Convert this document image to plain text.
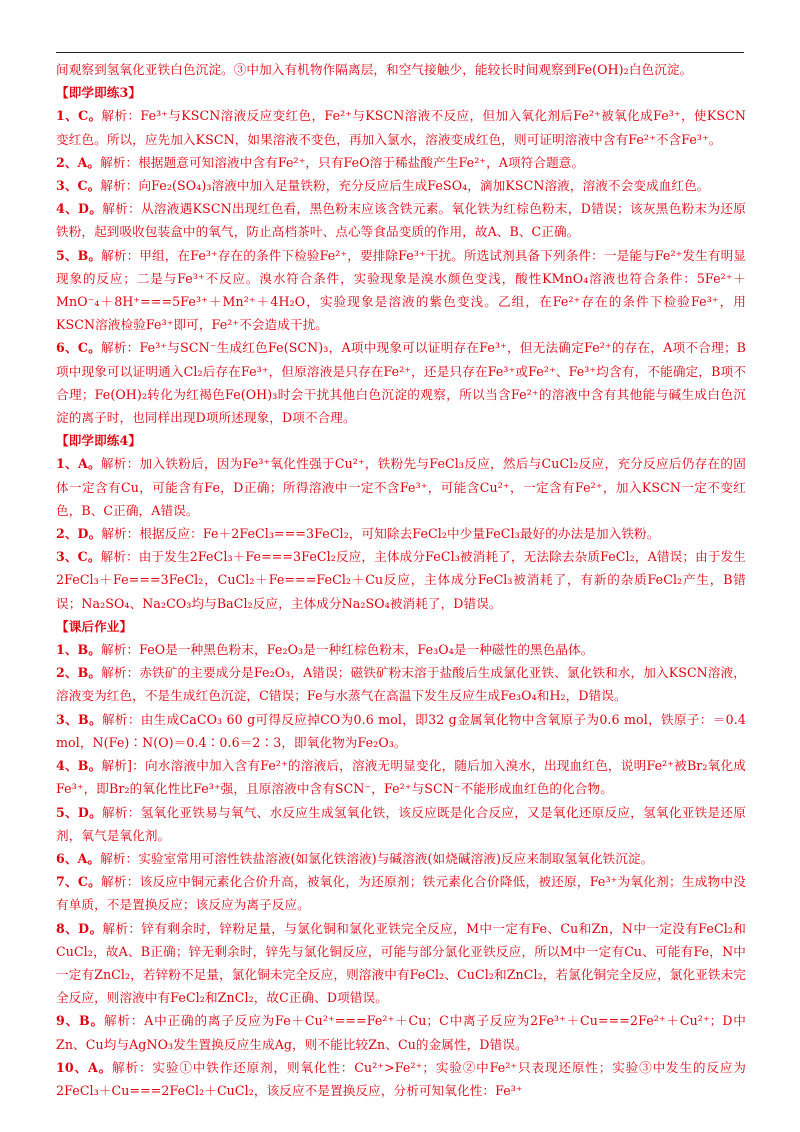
间观察到氢氧化亚铁白色沉淀。③中加入有机物作隔离层，和空气接触少，能较长时间观察到Fe(OH)₂白色沉淀。

【即学即练3】

1、C。解析：Fe³⁺与KSCN溶液反应变红色，Fe²⁺与KSCN溶液不反应，但加入氧化剂后Fe²⁺被氧化成Fe³⁺，使KSCN变红色。所以，应先加入KSCN，如果溶液不变色，再加入氯水，溶液变成红色，则可证明溶液中含有Fe²⁺不含Fe³⁺。

2、A。解析：根据题意可知溶液中含有Fe²⁺，只有FeO溶于稀盐酸产生Fe²⁺，A项符合题意。

3、C。解析：向Fe₂(SO₄)₃溶液中加入足量铁粉，充分反应后生成FeSO₄，滴加KSCN溶液，溶液不会变成血红色。

4、D。解析：从溶液遇KSCN出现红色看，黑色粉末应该含铁元素。氧化铁为红棕色粉末，D错误；该灰黑色粉末为还原铁粉，起到吸收包装盒中的氧气，防止高档茶叶、点心等食品变质的作用，故A、B、C正确。

5、B。解析：甲组，在Fe³⁺存在的条件下检验Fe²⁺，要排除Fe³⁺干扰。所选试剂具备下列条件：一是能与Fe²⁺发生有明显现象的反应；二是与Fe³⁺不反应。溴水符合条件，实验现象是溴水颜色变浅，酸性KMnO₄溶液也符合条件：5Fe²⁺＋MnO⁻₄＋8H⁺===5Fe³⁺＋Mn²⁺＋4H₂O，实验现象是溶液的紫色变浅。乙组，在Fe²⁺存在的条件下检验Fe³⁺，用KSCN溶液检验Fe³⁺即可，Fe²⁺不会造成干扰。

6、C。解析：Fe³⁺与SCN⁻生成红色Fe(SCN)₃，A项中现象可以证明存在Fe³⁺，但无法确定Fe²⁺的存在，A项不合理；B项中现象可以证明通入Cl₂后存在Fe³⁺，但原溶液是只存在Fe²⁺，还是只存在Fe³⁺或Fe²⁺、Fe³⁺均含有，不能确定，B项不合理；Fe(OH)₂转化为红褐色Fe(OH)₃时会干扰其他白色沉淀的观察，所以当含Fe²⁺的溶液中含有其他能与碱生成白色沉淀的离子时，也同样出现D项所述现象，D项不合理。

【即学即练4】

1、A。解析：加入铁粉后，因为Fe³⁺氧化性强于Cu²⁺，铁粉先与FeCl₃反应，然后与CuCl₂反应，充分反应后仍存在的固体一定含有Cu，可能含有Fe，D正确；所得溶液中一定不含Fe³⁺，可能含Cu²⁺，一定含有Fe²⁺，加入KSCN一定不变红色，B、C正确，A错误。

2、D。解析：根据反应：Fe＋2FeCl₃===3FeCl₂，可知除去FeCl₂中少量FeCl₃最好的办法是加入铁粉。

3、C。解析：由于发生2FeCl₃＋Fe===3FeCl₂反应，主体成分FeCl₃被消耗了，无法除去杂质FeCl₂，A错误；由于发生2FeCl₃＋Fe===3FeCl₂，CuCl₂＋Fe===FeCl₂＋Cu反应，主体成分FeCl₃被消耗了，有新的杂质FeCl₂产生，B错误；Na₂SO₄、Na₂CO₃均与BaCl₂反应，主体成分Na₂SO₄被消耗了，D错误。

【课后作业】

1、B。解析：FeO是一种黑色粉末，Fe₂O₃是一种红棕色粉末，Fe₃O₄是一种磁性的黑色晶体。

2、B。解析：赤铁矿的主要成分是Fe₂O₃，A错误；磁铁矿粉末溶于盐酸后生成氯化亚铁、氯化铁和水，加入KSCN溶液，溶液变为红色，不是生成红色沉淀，C错误；Fe与水蒸气在高温下发生反应生成Fe₃O₄和H₂，D错误。

3、B。解析：由生成CaCO₃ 60 g可得反应掉CO为0.6 mol，即32 g金属氧化物中含氧原子为0.6 mol，铁原子：＝0.4 mol，N(Fe)∶N(O)＝0.4∶0.6＝2∶3，即氧化物为Fe₂O₃。

4、B。解析]：向水溶液中加入含有Fe²⁺的溶液后，溶液无明显变化，随后加入溴水，出现血红色，说明Fe²⁺被Br₂氧化成Fe³⁺，即Br₂的氧化性比Fe³⁺强，且原溶液中含有SCN⁻，Fe²⁺与SCN⁻不能形成血红色的化合物。

5、D。解析：氢氧化亚铁易与氧气、水反应生成氢氧化铁，该反应既是化合反应，又是氧化还原反应，氢氧化亚铁是还原剂，氧气是氧化剂。

6、A。解析：实验室常用可溶性铁盐溶液(如氯化铁溶液)与碱溶液(如烧碱溶液)反应来制取氢氧化铁沉淀。

7、C。解析：该反应中铜元素化合价升高，被氧化，为还原剂；铁元素化合价降低，被还原，Fe³⁺为氧化剂；生成物中没有单质，不是置换反应；该反应为离子反应。

8、D。解析：锌有剩余时，锌粉足量，与氯化铜和氯化亚铁完全反应，M中一定有Fe、Cu和Zn，N中一定没有FeCl₂和CuCl₂，故A、B正确；锌无剩余时，锌先与氯化铜反应，可能与部分氯化亚铁反应，所以M中一定有Cu、可能有Fe，N中一定有ZnCl₂，若锌粉不足量，氯化铜未完全反应，则溶液中有FeCl₂、CuCl₂和ZnCl₂，若氯化铜完全反应，氯化亚铁未完全反应，则溶液中有FeCl₂和ZnCl₂，故C正确、D项错误。

9、B。解析：A中正确的离子反应为Fe＋Cu²⁺===Fe²⁺＋Cu；C中离子反应为2Fe³⁺＋Cu===2Fe²⁺＋Cu²⁺；D中Zn、Cu均与AgNO₃发生置换反应生成Ag，则不能比较Zn、Cu的金属性，D错误。

10、A。解析：实验①中铁作还原剂，则氧化性：Cu²⁺>Fe²⁺；实验②中Fe²⁺只表现还原性；实验③中发生的反应为2FeCl₃＋Cu===2FeCl₂＋CuCl₂，该反应不是置换反应，分析可知氧化性：Fe³⁺
